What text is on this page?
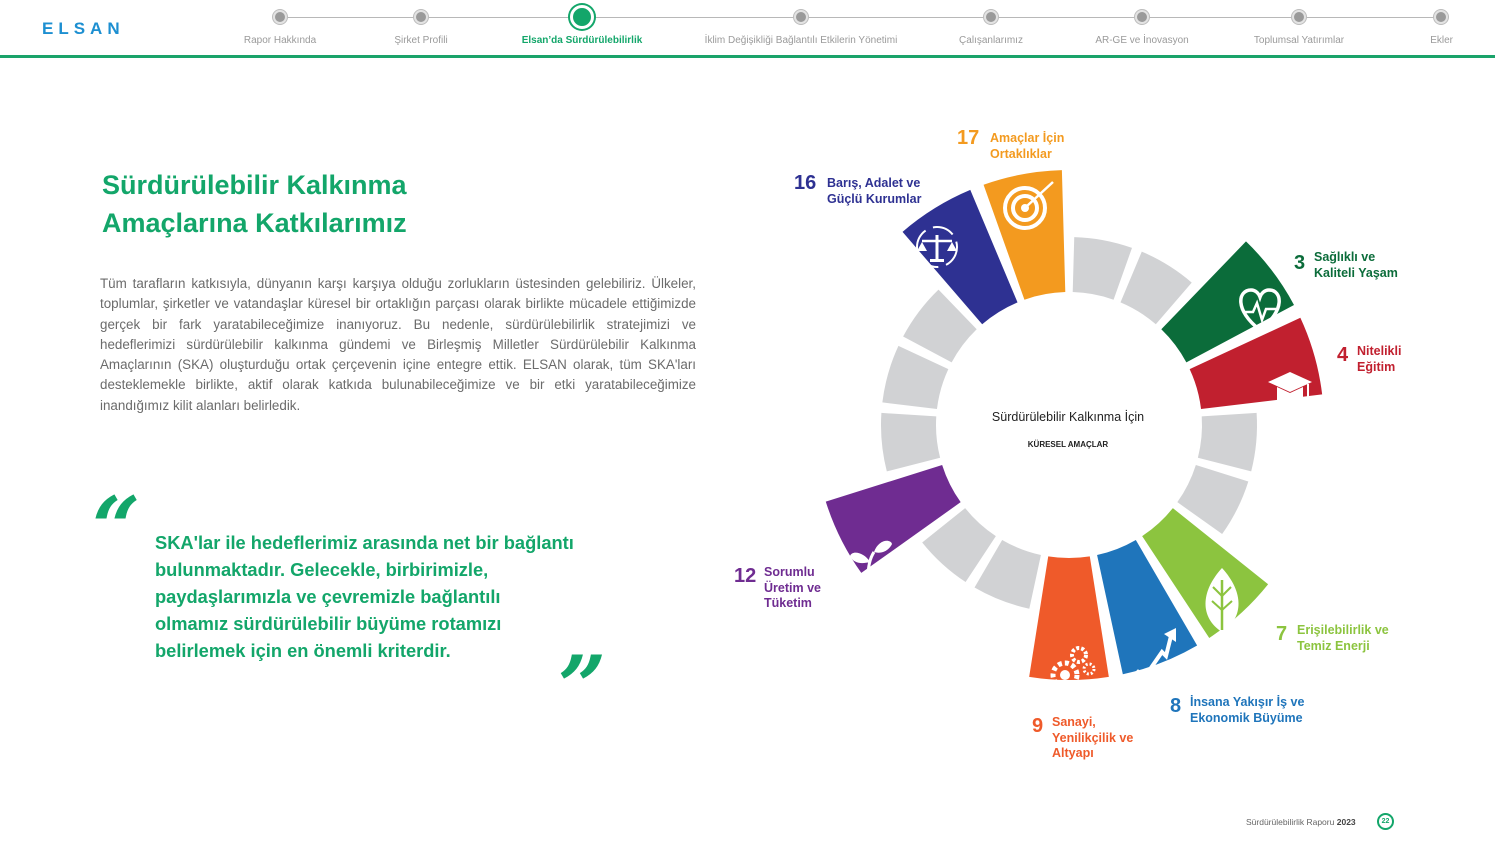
ELSAN
Rapor Hakkında	Şirket Profili	Elsan’da Sürdürülebilirlik	İklim Değişikliği Bağlantılı Etkilerin Yönetimi	Çalışanlarımız	AR-GE ve İnovasyon	Toplumsal Yatırımlar	Ekler
Sürdürülebilir Kalkınma Amaçlarına Katkılarımız

Tüm tarafların katkısıyla, dünyanın karşı karşıya olduğu zorlukların üstesinden gelebiliriz. Ülkeler, toplumlar, şirketler ve vatandaşlar küresel bir ortaklığın parçası olarak birlikte mücadele ettiğimizde gerçek bir fark yaratabileceğimize inanıyoruz. Bu nedenle, sürdürülebilirlik stratejimizi ve hedeflerimizi sürdürülebilir kalkınma gündemi ve Birleşmiş Milletler Sürdürülebilir Kalkınma Amaçlarının (SKA) oluşturduğu ortak çerçevenin içine entegre ettik. ELSAN olarak, tüm SKA'ları desteklemekle birlikte, aktif olarak katkıda bulunabileceğimize ve bir etki yaratabileceğimize inandığımız kilit alanları belirledik.

“ SKA'lar ile hedeflerimiz arasında net bir bağlantı bulunmaktadır. Gelecekle, birbirimizle, paydaşlarımızla ve çevremizle bağlantılı olmamız sürdürülebilir büyüme rotamızı belirlemek için en önemli kriterdir.	”
Sürdürülebilir Kalkınma İçin
KÜRESEL AMAÇLAR
17 Amaçlar İçin Ortaklıklar
16 Barış, Adalet ve Güçlü Kurumlar
3 Sağlıklı ve Kaliteli Yaşam
4 Nitelikli Eğitim
7 Erişilebilirlik ve Temiz Enerji
8 İnsana Yakışır İş ve Ekonomik Büyüme
9 Sanayi, Yenilikçilik ve Altyapı
12 Sorumlu Üretim ve Tüketim
Sürdürülebilirlik Raporu 2023	22
